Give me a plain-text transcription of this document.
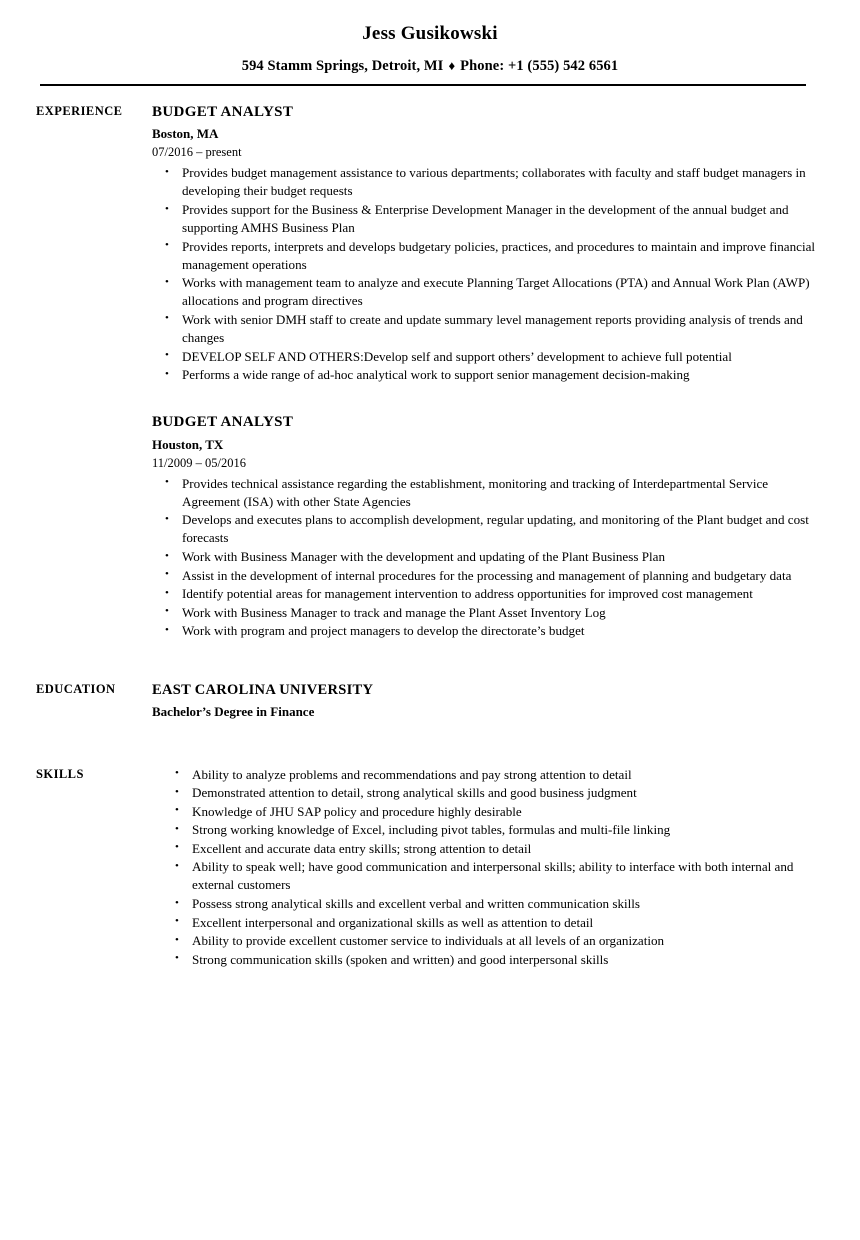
Jess Gusikowski
594 Stamm Springs, Detroit, MI ♦ Phone: +1 (555) 542 6561
EXPERIENCE	BUDGET ANALYST
Boston, MA
07/2016 – present
• Provides budget management assistance to various departments; collaborates with faculty and staff budget managers in developing their budget requests
• Provides support for the Business & Enterprise Development Manager in the development of the annual budget and supporting AMHS Business Plan
• Provides reports, interprets and develops budgetary policies, practices, and procedures to maintain and improve financial management operations
• Works with management team to analyze and execute Planning Target Allocations (PTA) and Annual Work Plan (AWP) allocations and program directives
• Work with senior DMH staff to create and update summary level management reports providing analysis of trends and changes
• DEVELOP SELF AND OTHERS:Develop self and support others’ development to achieve full potential
• Performs a wide range of ad-hoc analytical work to support senior management decision-making
BUDGET ANALYST
Houston, TX
11/2009 – 05/2016
• Provides technical assistance regarding the establishment, monitoring and tracking of Interdepartmental Service Agreement (ISA) with other State Agencies
• Develops and executes plans to accomplish development, regular updating, and monitoring of the Plant budget and cost forecasts
• Work with Business Manager with the development and updating of the Plant Business Plan
• Assist in the development of internal procedures for the processing and management of planning and budgetary data
• Identify potential areas for management intervention to address opportunities for improved cost management
• Work with Business Manager to track and manage the Plant Asset Inventory Log
• Work with program and project managers to develop the directorate’s budget
EDUCATION	EAST CAROLINA UNIVERSITY
Bachelor’s Degree in Finance
SKILLS	• Ability to analyze problems and recommendations and pay strong attention to detail
• Demonstrated attention to detail, strong analytical skills and good business judgment
• Knowledge of JHU SAP policy and procedure highly desirable
• Strong working knowledge of Excel, including pivot tables, formulas and multi-file linking
• Excellent and accurate data entry skills; strong attention to detail
• Ability to speak well; have good communication and interpersonal skills; ability to interface with both internal and external customers
• Possess strong analytical skills and excellent verbal and written communication skills
• Excellent interpersonal and organizational skills as well as attention to detail
• Ability to provide excellent customer service to individuals at all levels of an organization
• Strong communication skills (spoken and written) and good interpersonal skills
